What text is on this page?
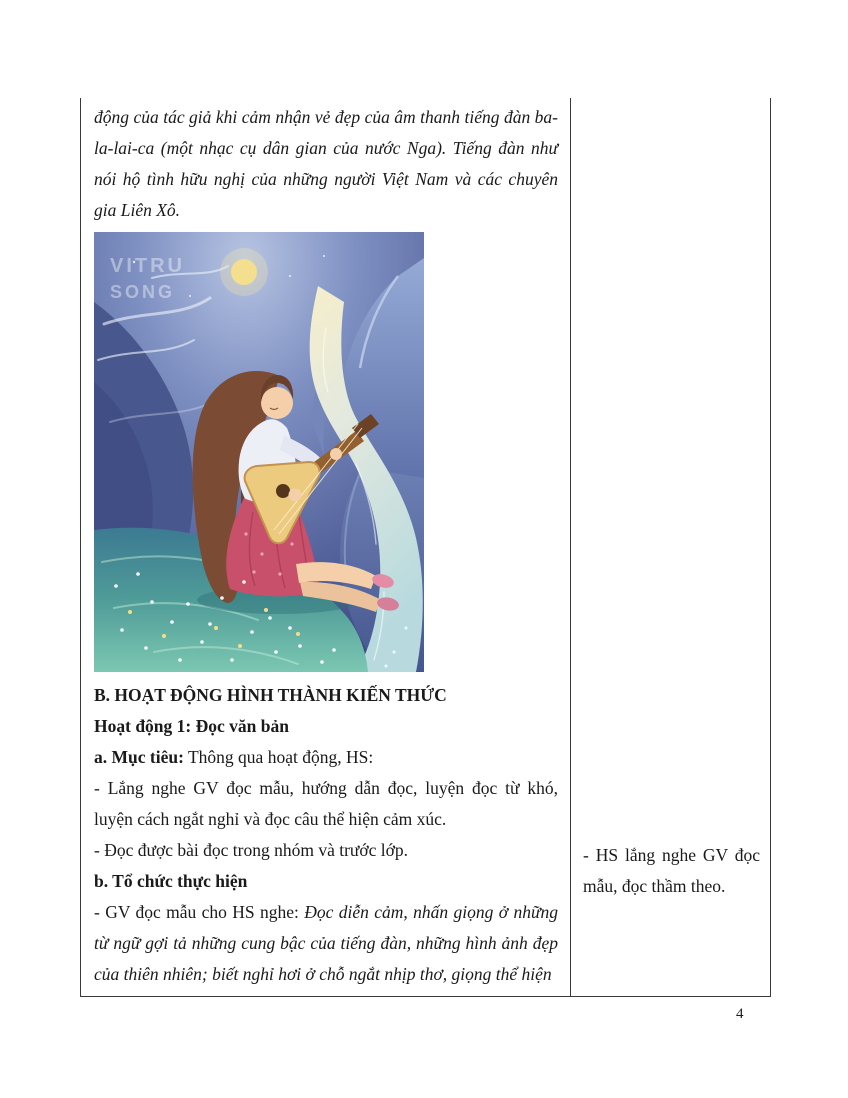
động của tác giả khi cảm nhận vẻ đẹp của âm thanh tiếng đàn ba-la-lai-ca (một nhạc cụ dân gian của nước Nga). Tiếng đàn như nói hộ tình hữu nghị của những người Việt Nam và các chuyên gia Liên Xô.

VITRU
SONG

B. HOẠT ĐỘNG HÌNH THÀNH KIẾN THỨC

Hoạt động 1: Đọc văn bản

a. Mục tiêu: Thông qua hoạt động, HS:

- Lắng nghe GV đọc mẫu, hướng dẫn đọc, luyện đọc từ khó, luyện cách ngắt nghỉ và đọc câu thể hiện cảm xúc.

- Đọc được bài đọc trong nhóm và trước lớp.

b. Tổ chức thực hiện

- GV đọc mẫu cho HS nghe: Đọc diễn cảm, nhấn giọng ở những từ ngữ gợi tả những cung bậc của tiếng đàn, những hình ảnh đẹp của thiên nhiên; biết nghỉ hơi ở chỗ ngắt nhịp thơ, giọng thể hiện

- HS lắng nghe GV đọc mẫu, đọc thầm theo.

4
